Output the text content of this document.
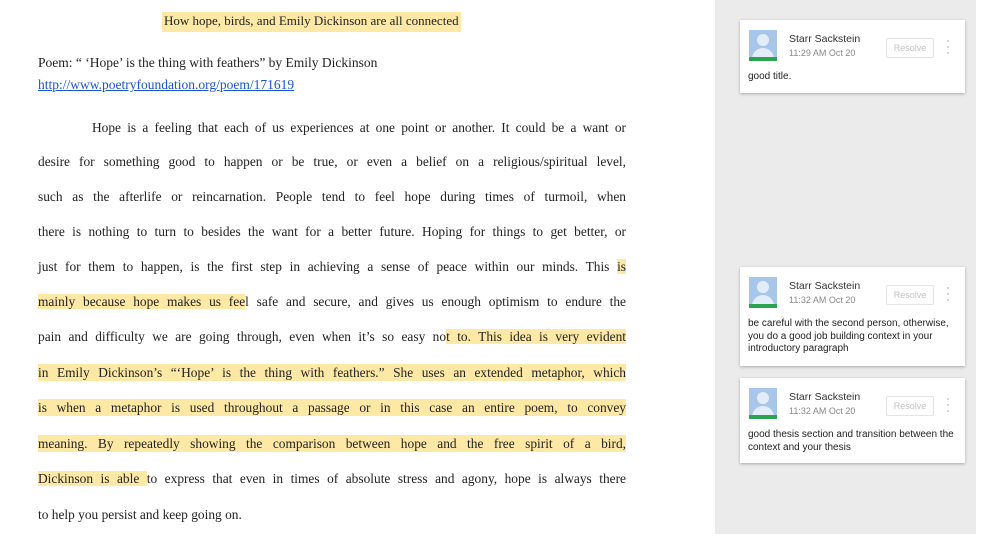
How hope, birds, and Emily Dickinson are all connected
Poem: “ ‘Hope’ is the thing with feathers” by Emily Dickinson
http://www.poetryfoundation.org/poem/171619
Hope is a feeling that each of us experiences at one point or another. It could be a want or
desire for something good to happen or be true, or even a belief on a religious/spiritual level,
such as the afterlife or reincarnation. People tend to feel hope during times of turmoil, when
there is nothing to turn to besides the want for a better future. Hoping for things to get better, or
just for them to happen, is the first step in achieving a sense of peace within our minds. This is
mainly because hope makes us feel safe and secure, and gives us enough optimism to endure the
pain and difficulty we are going through, even when it’s so easy not to. This idea is very evident
in Emily Dickinson’s “‘Hope’ is the thing with feathers.” She uses an extended metaphor, which
is when a metaphor is used throughout a passage or in this case an entire poem, to convey
meaning. By repeatedly showing the comparison between hope and the free spirit of a bird,
Dickinson is able to express that even in times of absolute stress and agony, hope is always there
to help you persist and keep going on.
Starr Sackstein
11:29 AM Oct 20	Resolve
good title.
Starr Sackstein
11:32 AM Oct 20	Resolve
be careful with the second person, otherwise, you do a good job building context in your introductory paragraph
Starr Sackstein
11:32 AM Oct 20	Resolve
good thesis section and transition between the context and your thesis
